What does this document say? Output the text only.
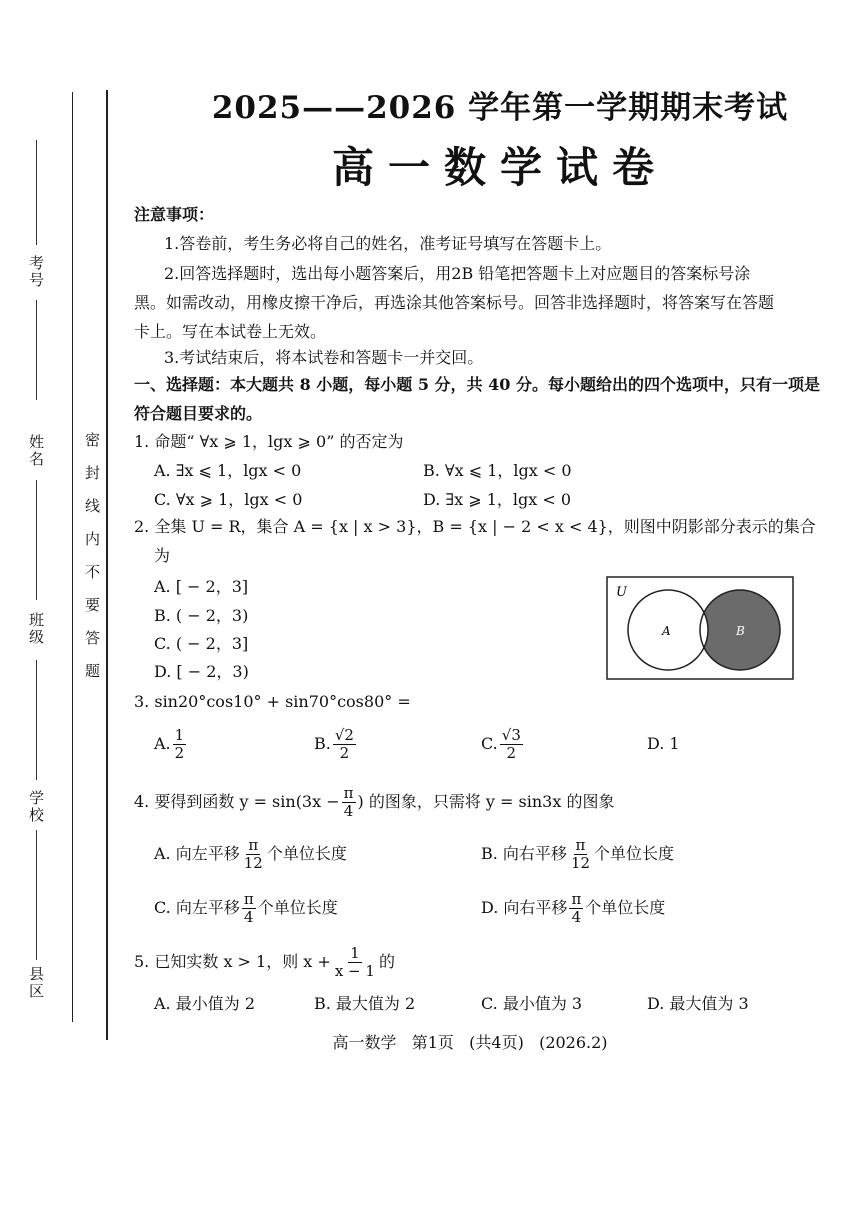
考号
姓名
班级
学校
县区
密封线内不要答题
2025——2026 学年第一学期期末考试
高一数学试卷
注意事项：
1.答卷前，考生务必将自己的姓名，准考证号填写在答题卡上。
2.回答选择题时，选出每小题答案后，用2B 铅笔把答题卡上对应题目的答案标号涂
黑。如需改动，用橡皮擦干净后，再选涂其他答案标号。回答非选择题时，将答案写在答题
卡上。写在本试卷上无效。
3.考试结束后，将本试卷和答题卡一并交回。
一、选择题：本大题共 8 小题，每小题 5 分，共 40 分。每小题给出的四个选项中，只有一项是
符合题目要求的。
1. 命题“ ∀x ⩾ 1，lgx ⩾ 0” 的否定为
A. ∃x ⩽ 1，lgx < 0	B. ∀x ⩽ 1，lgx < 0
C. ∀x ⩾ 1，lgx < 0	D. ∃x ⩾ 1，lgx < 0
2. 全集 U = R，集合 A = {x | x > 3}，B = {x | − 2 < x < 4}，则图中阴影部分表示的集合
为
A. [ − 2，3]
B. ( − 2，3)
C. ( − 2，3]
D. [ − 2，3)
U
A	B
3. sin20°cos10° + sin70°cos80° =
A. $\frac{1}{2}$	B. $\frac{√2}{2}$	C. $\frac{√3}{2}$	D. 1
4. 要得到函数 $y = \sin(3x - \frac{\pi}{4}$ ) 的图象，只需将 y = sin3x 的图象
A. 向左平移 $\frac{\pi}{12}$ 个单位长度	B. 向右平移 $\frac{\pi}{12}$ 个单位长度
C. 向左平移 $\frac{\pi}{4}$ 个单位长度	D. 向右平移 $\frac{\pi}{4}$ 个单位长度
5. 已知实数 x > 1，则 $x + \frac{1}{x - 1}$ 的
A. 最小值为 2	B. 最大值为 2	C. 最小值为 3	D. 最大值为 3
高一数学   第1页   (共4页)   (2026.2)
